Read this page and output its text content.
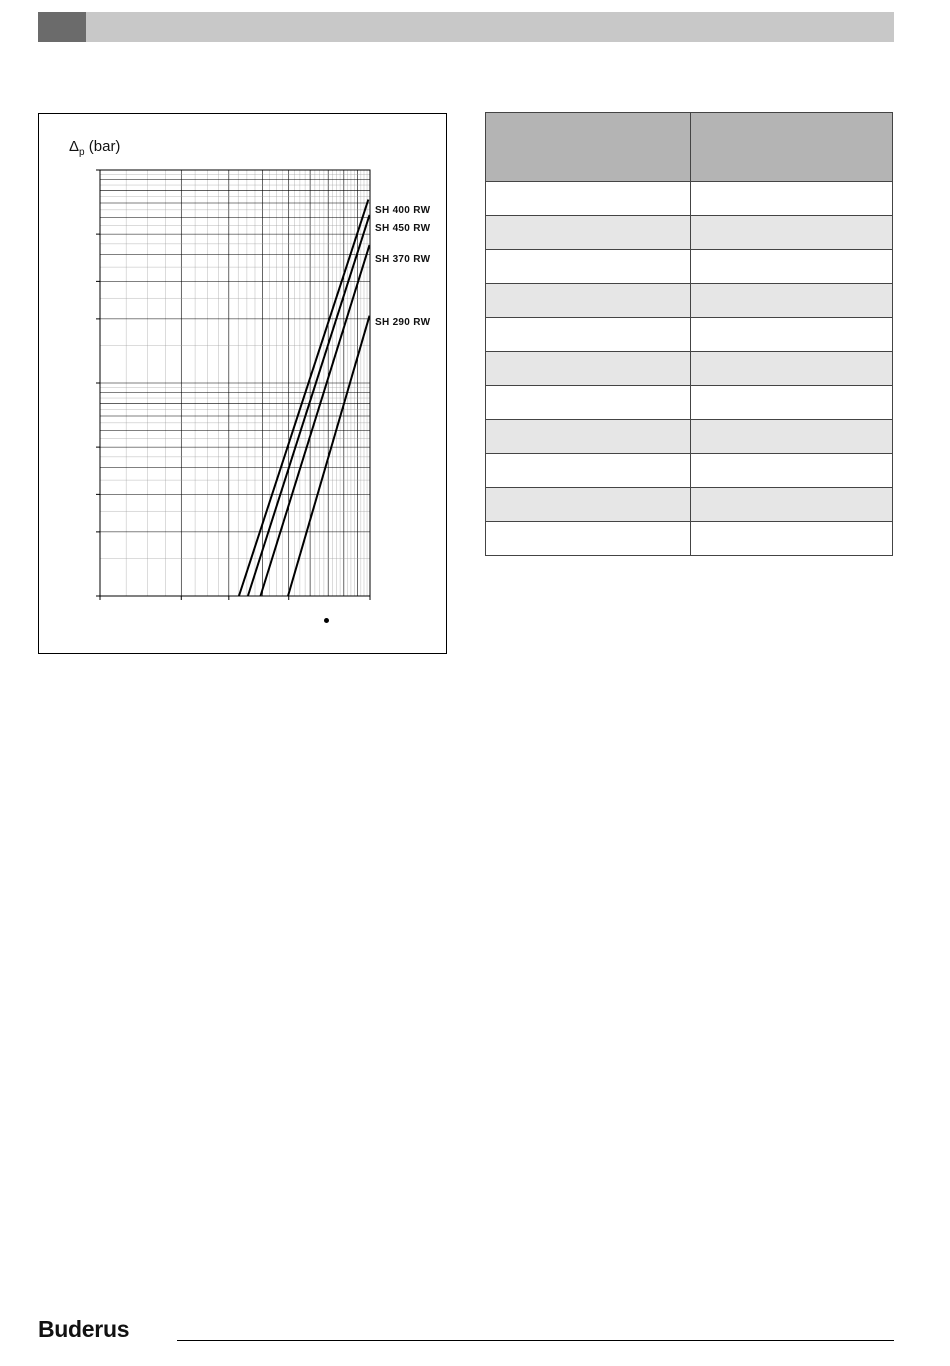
$\Delta_p$ (bar)
SH 400 RW
SH 450 RW
SH 370 RW
SH 290 RW

Buderus
